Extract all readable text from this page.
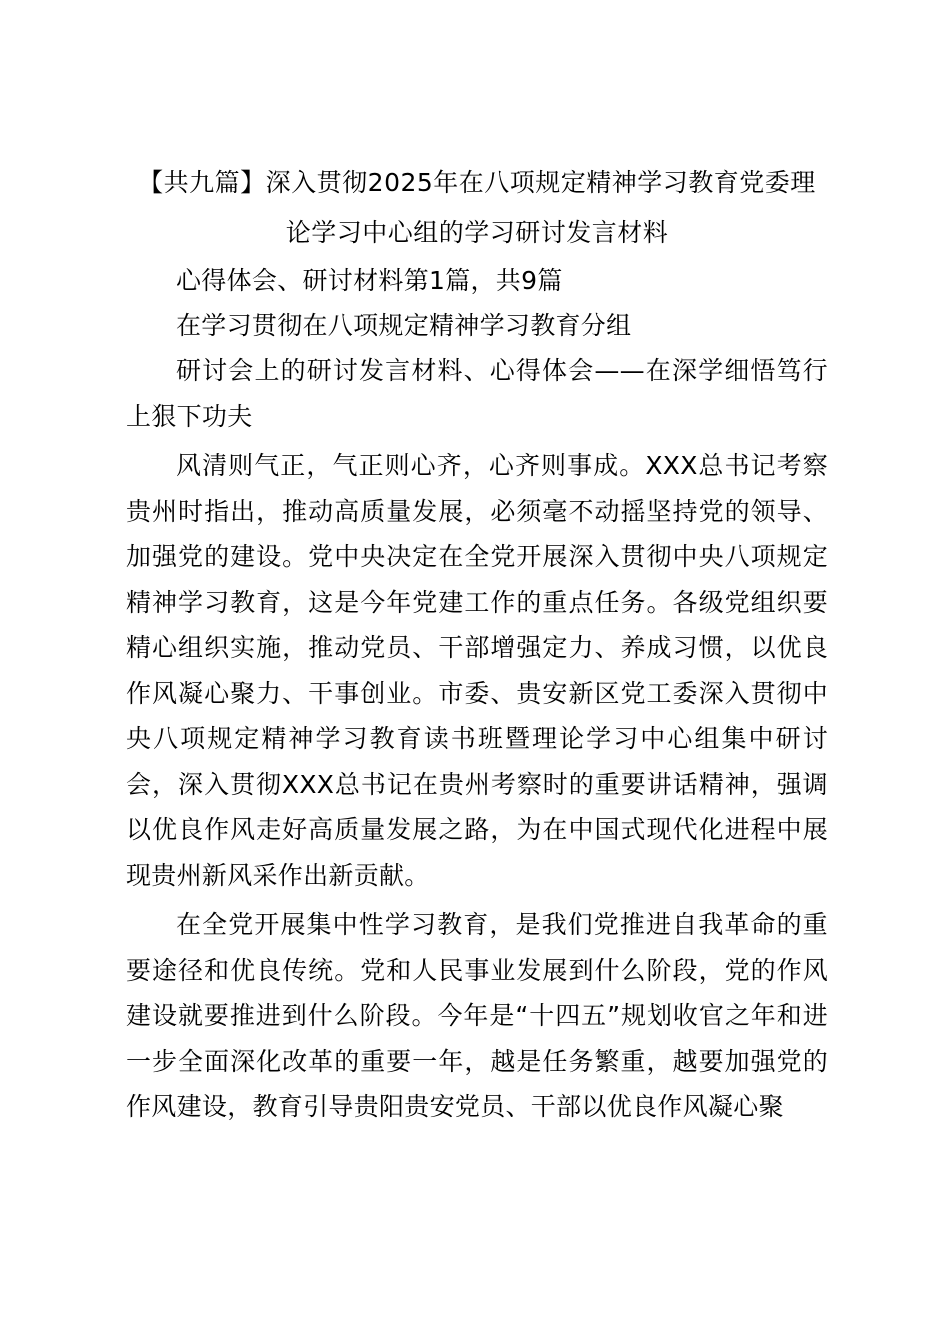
【共九篇】深入贯彻2025年在八项规定精神学习教育党委理论学习中心组的学习研讨发言材料

心得体会、研讨材料第1篇，共9篇

在学习贯彻在八项规定精神学习教育分组

研讨会上的研讨发言材料、心得体会——在深学细悟笃行上狠下功夫

风清则气正，气正则心齐，心齐则事成。XXX总书记考察贵州时指出，推动高质量发展，必须毫不动摇坚持党的领导、加强党的建设。党中央决定在全党开展深入贯彻中央八项规定精神学习教育，这是今年党建工作的重点任务。各级党组织要精心组织实施，推动党员、干部增强定力、养成习惯，以优良作风凝心聚力、干事创业。市委、贵安新区党工委深入贯彻中央八项规定精神学习教育读书班暨理论学习中心组集中研讨会，深入贯彻XXX总书记在贵州考察时的重要讲话精神，强调以优良作风走好高质量发展之路，为在中国式现代化进程中展现贵州新风采作出新贡献。

在全党开展集中性学习教育，是我们党推进自我革命的重要途径和优良传统。党和人民事业发展到什么阶段，党的作风建设就要推进到什么阶段。今年是“十四五”规划收官之年和进一步全面深化改革的重要一年，越是任务繁重，越要加强党的作风建设，教育引导贵阳贵安党员、干部以优良作风凝心聚
